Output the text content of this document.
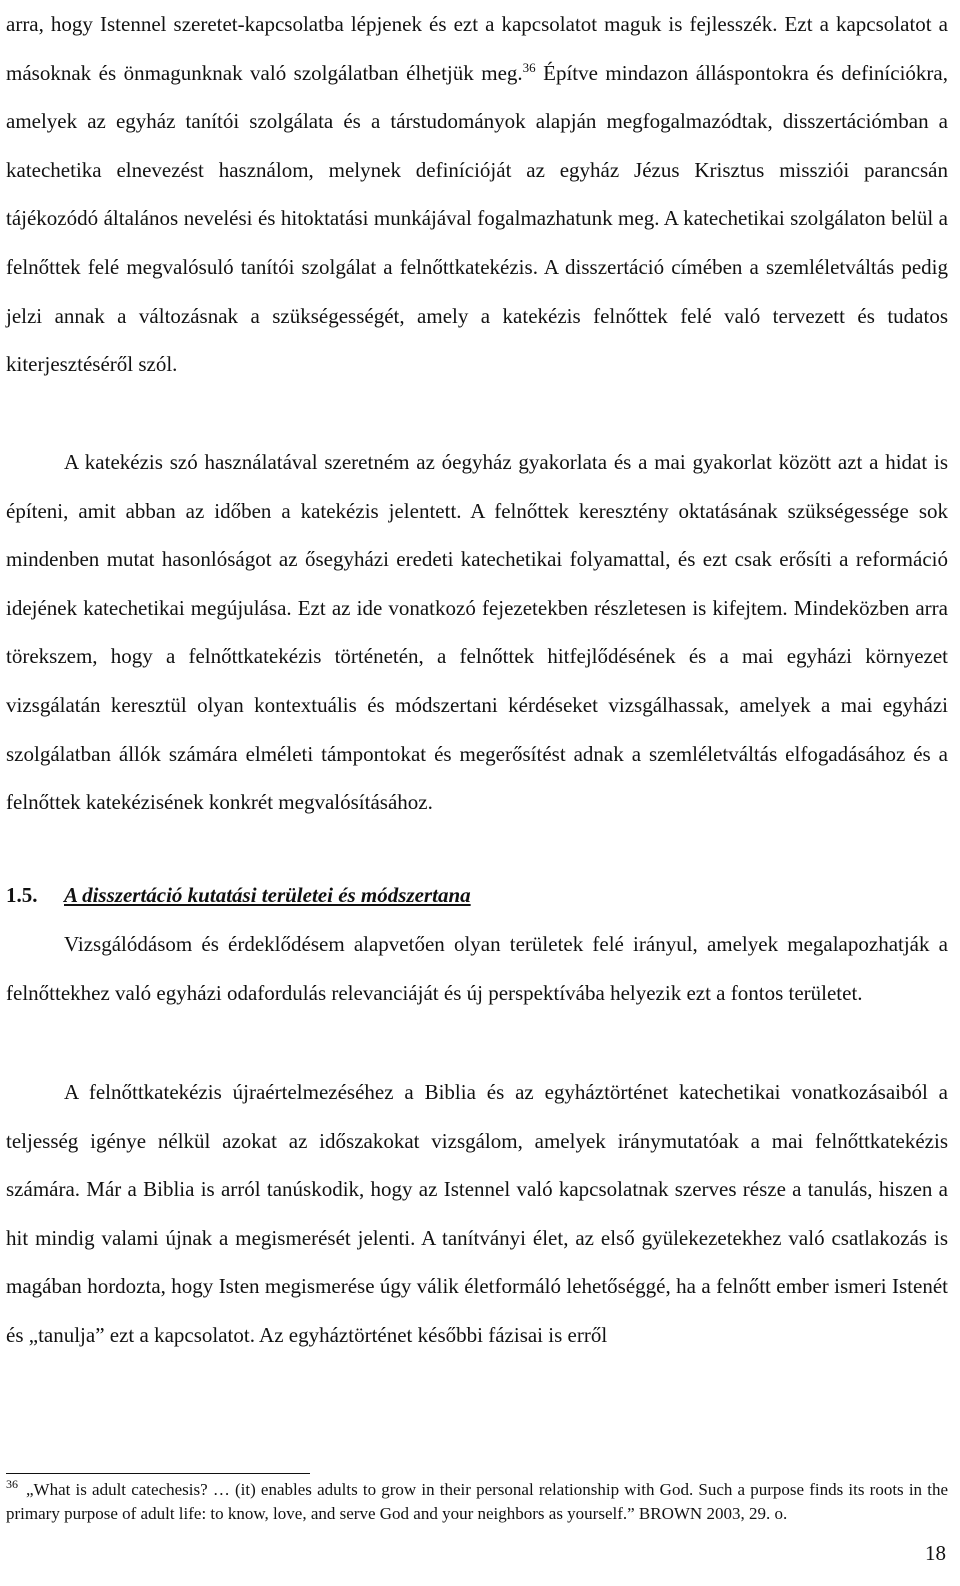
arra, hogy Istennel szeretet-kapcsolatba lépjenek és ezt a kapcsolatot maguk is fejlesszék. Ezt a kapcsolatot a másoknak és önmagunknak való szolgálatban élhetjük meg.$^{36}$ Építve mindazon álláspontokra és definíciókra, amelyek az egyház tanítói szolgálata és a társtudományok alapján megfogalmazódtak, disszertációmban a katechetika elnevezést használom, melynek definícióját az egyház Jézus Krisztus missziói parancsán tájékozódó általános nevelési és hitoktatási munkájával fogalmazhatunk meg. A katechetikai szolgálaton belül a felnőttek felé megvalósuló tanítói szolgálat a felnőttkatekézis. A disszertáció címében a szemléletváltás pedig jelzi annak a változásnak a szükségességét, amely a katekézis felnőttek felé való tervezett és tudatos kiterjesztéséről szól.

A katekézis szó használatával szeretném az óegyház gyakorlata és a mai gyakorlat között azt a hidat is építeni, amit abban az időben a katekézis jelentett. A felnőttek keresztény oktatásának szükségessége sok mindenben mutat hasonlóságot az ősegyházi eredeti katechetikai folyamattal, és ezt csak erősíti a reformáció idejének katechetikai megújulása. Ezt az ide vonatkozó fejezetekben részletesen is kifejtem. Mindeközben arra törekszem, hogy a felnőttkatekézis történetén, a felnőttek hitfejlődésének és a mai egyházi környezet vizsgálatán keresztül olyan kontextuális és módszertani kérdéseket vizsgálhassak, amelyek a mai egyházi szolgálatban állók számára elméleti támpontokat és megerősítést adnak a szemléletváltás elfogadásához és a felnőttek katekézisének konkrét megvalósításához.

1.5. A disszertáció kutatási területei és módszertana

Vizsgálódásom és érdeklődésem alapvetően olyan területek felé irányul, amelyek megalapozhatják a felnőttekhez való egyházi odafordulás relevanciáját és új perspektívába helyezik ezt a fontos területet.

A felnőttkatekézis újraértelmezéséhez a Biblia és az egyháztörténet katechetikai vonatkozásaiból a teljesség igénye nélkül azokat az időszakokat vizsgálom, amelyek iránymutatóak a mai felnőttkatekézis számára. Már a Biblia is arról tanúskodik, hogy az Istennel való kapcsolatnak szerves része a tanulás, hiszen a hit mindig valami újnak a megismerését jelenti. A tanítványi élet, az első gyülekezetekhez való csatlakozás is magában hordozta, hogy Isten megismerése úgy válik életformáló lehetőséggé, ha a felnőtt ember ismeri Istenét és „tanulja” ezt a kapcsolatot. Az egyháztörténet későbbi fázisai is erről

$^{36}$ „What is adult catechesis? … (it) enables adults to grow in their personal relationship with God. Such a purpose finds its roots in the primary purpose of adult life: to know, love, and serve God and your neighbors as yourself.” BROWN 2003, 29. o.

18
